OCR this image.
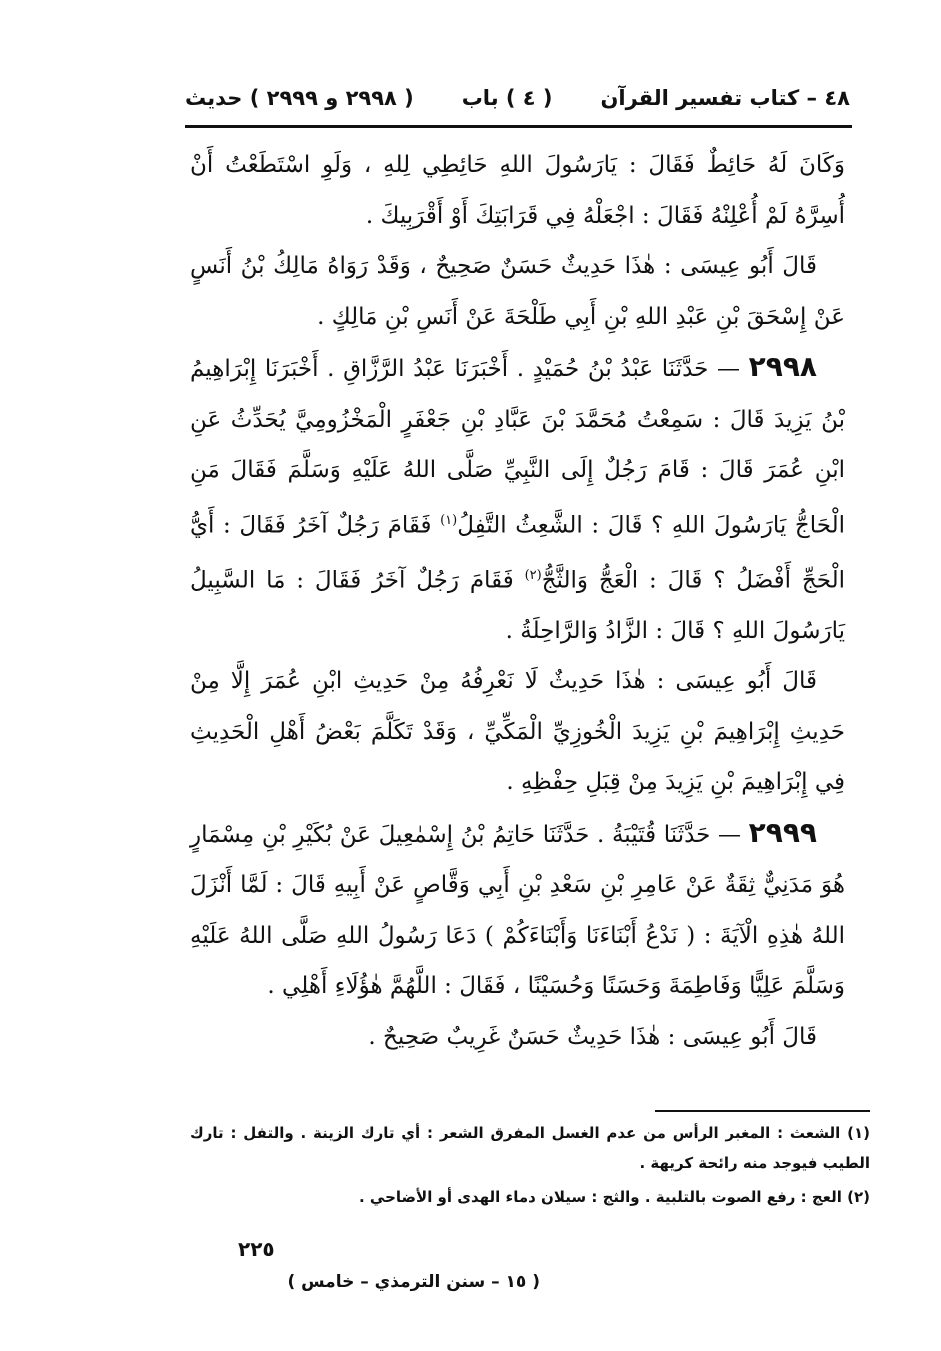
٤٨ – كتاب تفسير القرآن
( ٤ ) باب
( ٢٩٩٨ و ٢٩٩٩ ) حديث

وَكَانَ لَهُ حَائِطٌ فَقَالَ : يَارَسُولَ اللهِ حَائِطِي لِلهِ ، وَلَوِ اسْتَطَعْتُ أَنْ أُسِرَّهُ لَمْ أُعْلِنْهُ فَقَالَ : اجْعَلْهُ فِي قَرَابَتِكَ أَوْ أَقْرَبِيكَ .

قَالَ أَبُو عِيسَى : هٰذَا حَدِيثٌ حَسَنٌ صَحِيحٌ ، وَقَدْ رَوَاهُ مَالِكُ بْنُ أَنَسٍ عَنْ إِسْحَقَ بْنِ عَبْدِ اللهِ بْنِ أَبِي طَلْحَةَ عَنْ أَنَسِ بْنِ مَالِكٍ .

٢٩٩٨ — حَدَّثَنَا عَبْدُ بْنُ حُمَيْدٍ . أَخْبَرَنَا عَبْدُ الرَّزَّاقِ . أَخْبَرَنَا إِبْرَاهِيمُ بْنُ يَزِيدَ قَالَ : سَمِعْتُ مُحَمَّدَ بْنَ عَبَّادِ بْنِ جَعْفَرٍ الْمَخْزُومِيَّ يُحَدِّثُ عَنِ ابْنِ عُمَرَ قَالَ : قَامَ رَجُلٌ إِلَى النَّبِيِّ صَلَّى اللهُ عَلَيْهِ وَسَلَّمَ فَقَالَ مَنِ الْحَاجُّ يَارَسُولَ اللهِ ؟ قَالَ : الشَّعِثُ التَّفِلُ$^{(١)}$ فَقَامَ رَجُلٌ آخَرُ فَقَالَ : أَيُّ الْحَجِّ أَفْضَلُ ؟ قَالَ : الْعَجُّ وَالثَّجُّ$^{(٢)}$ فَقَامَ رَجُلٌ آخَرُ فَقَالَ : مَا السَّبِيلُ يَارَسُولَ اللهِ ؟ قَالَ : الزَّادُ وَالرَّاحِلَةُ .

قَالَ أَبُو عِيسَى : هٰذَا حَدِيثٌ لَا نَعْرِفُهُ مِنْ حَدِيثِ ابْنِ عُمَرَ إِلَّا مِنْ حَدِيثِ إِبْرَاهِيمَ بْنِ يَزِيدَ الْخُوزِيِّ الْمَكِّيِّ ، وَقَدْ تَكَلَّمَ بَعْضُ أَهْلِ الْحَدِيثِ فِي إِبْرَاهِيمَ بْنِ يَزِيدَ مِنْ قِبَلِ حِفْظِهِ .

٢٩٩٩ — حَدَّثَنَا قُتَيْبَةُ . حَدَّثَنَا حَاتِمُ بْنُ إِسْمٰعِيلَ عَنْ بُكَيْرِ بْنِ مِسْمَارٍ هُوَ مَدَنِيٌّ ثِقَةٌ عَنْ عَامِرِ بْنِ سَعْدِ بْنِ أَبِي وَقَّاصٍ عَنْ أَبِيهِ قَالَ : لَمَّا أَنْزَلَ اللهُ هٰذِهِ الْآيَةَ : ( نَدْعُ أَبْنَاءَنَا وَأَبْنَاءَكُمْ ) دَعَا رَسُولُ اللهِ صَلَّى اللهُ عَلَيْهِ وَسَلَّمَ عَلِيًّا وَفَاطِمَةَ وَحَسَنًا وَحُسَيْنًا ، فَقَالَ : اللَّهُمَّ هٰؤُلَاءِ أَهْلِي .

قَالَ أَبُو عِيسَى : هٰذَا حَدِيثٌ حَسَنٌ غَرِيبٌ صَحِيحٌ .

(١) الشعث : المغبر الرأس من عدم الغسل المفرق الشعر : أي تارك الزينة . والتفل : تارك الطيب فيوجد منه رائحة كريهة .

(٢) العج : رفع الصوت بالتلبية . والثج : سيلان دماء الهدى أو الأضاحي .

٢٢٥
( ١٥ – سنن الترمذي – خامس )
